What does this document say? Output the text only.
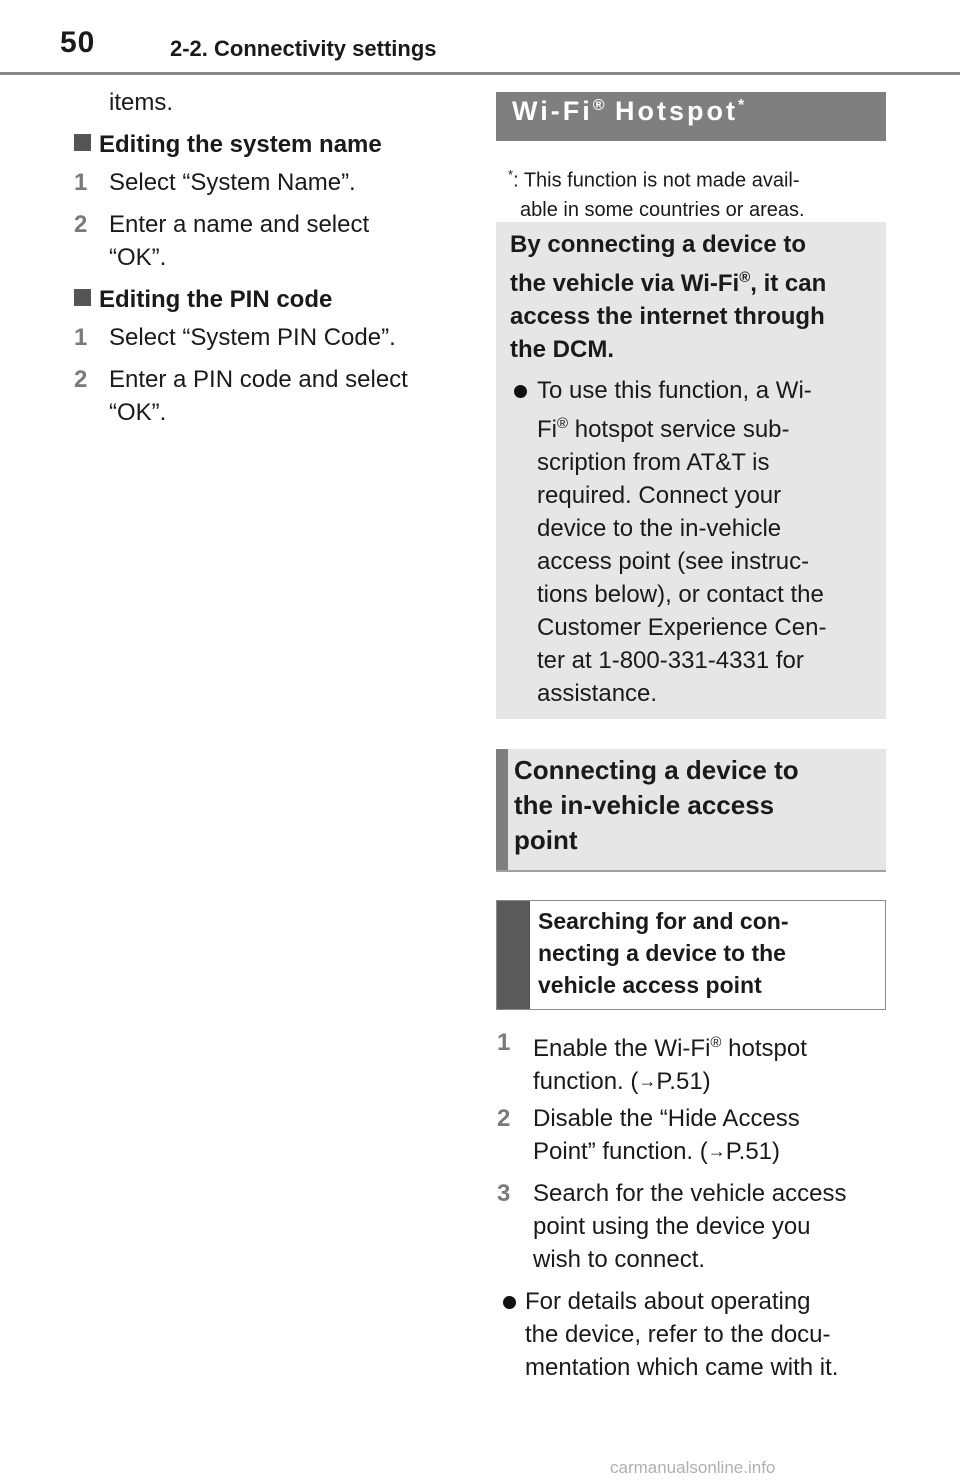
50	2-2. Connectivity settings
items.
Editing the system name
1 Select “System Name”.
2 Enter a name and select
“OK”.
Editing the PIN code
1 Select “System PIN Code”.
2 Enter a PIN code and select
“OK”.
Wi-Fi® Hotspot*
*: This function is not made avail-
able in some countries or areas.
By connecting a device to
the vehicle via Wi-Fi®, it can
access the internet through
the DCM.
To use this function, a Wi-
Fi® hotspot service sub-
scription from AT&T is
required. Connect your
device to the in-vehicle
access point (see instruc-
tions below), or contact the
Customer Experience Cen-
ter at 1-800-331-4331 for
assistance.
Connecting a device to
the in-vehicle access
point
Searching for and con-
necting a device to the
vehicle access point
1 Enable the Wi-Fi® hotspot
function. (→P.51)
2 Disable the “Hide Access
Point” function. (→P.51)
3 Search for the vehicle access
point using the device you
wish to connect.
For details about operating
the device, refer to the docu-
mentation which came with it.
carmanualsonline.info
